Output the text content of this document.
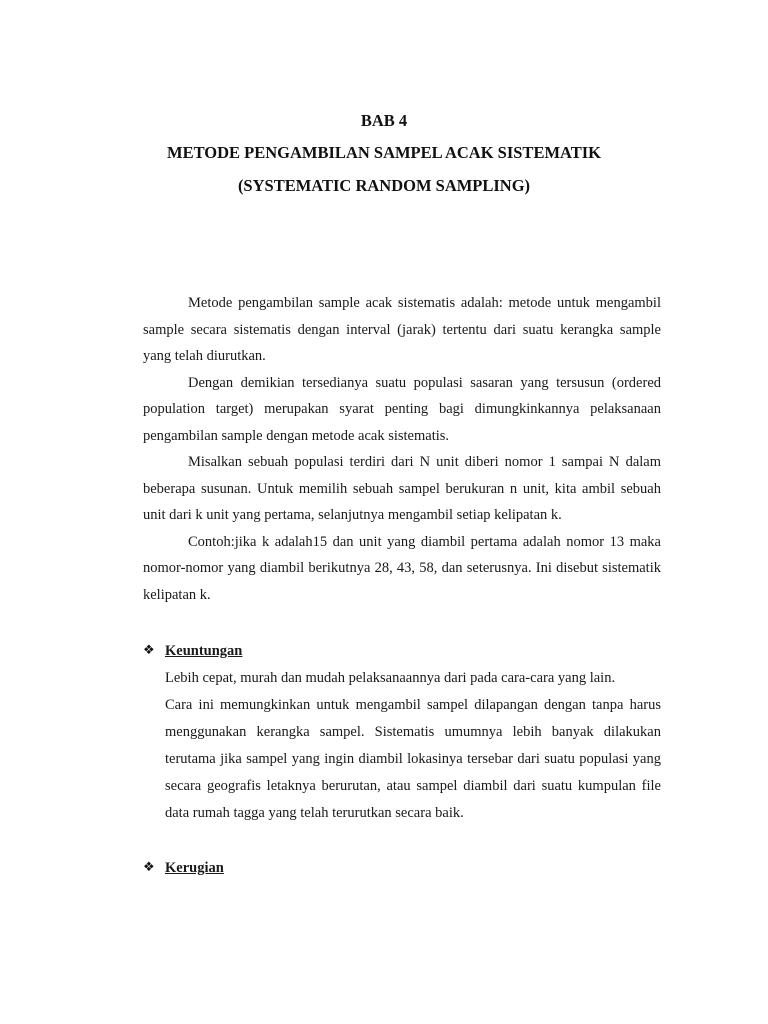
BAB 4
METODE PENGAMBILAN SAMPEL ACAK SISTEMATIK
(SYSTEMATIC RANDOM SAMPLING)

Metode pengambilan sample acak sistematis adalah: metode untuk mengambil sample secara sistematis dengan interval (jarak) tertentu dari suatu kerangka sample yang telah diurutkan.

Dengan demikian tersedianya suatu populasi sasaran yang tersusun (ordered population target) merupakan syarat penting bagi dimungkinkannya pelaksanaan pengambilan sample dengan metode acak sistematis.

Misalkan sebuah populasi terdiri dari N unit diberi nomor 1 sampai N dalam beberapa susunan. Untuk memilih sebuah sampel berukuran n unit, kita ambil sebuah unit dari k unit yang pertama, selanjutnya mengambil setiap kelipatan k.

Contoh:jika k adalah15 dan unit yang diambil pertama adalah nomor 13 maka nomor-nomor yang diambil berikutnya 28, 43, 58, dan seterusnya. Ini disebut sistematik kelipatan k.

❖ Keuntungan

Lebih cepat, murah dan mudah pelaksanaannya dari pada cara-cara yang lain.

Cara ini memungkinkan untuk mengambil sampel dilapangan dengan tanpa harus menggunakan kerangka sampel. Sistematis umumnya lebih banyak dilakukan terutama jika sampel yang ingin diambil lokasinya tersebar dari suatu populasi yang secara geografis letaknya berurutan, atau sampel diambil dari suatu kumpulan file data rumah tagga yang telah terurutkan secara baik.

❖ Kerugian
